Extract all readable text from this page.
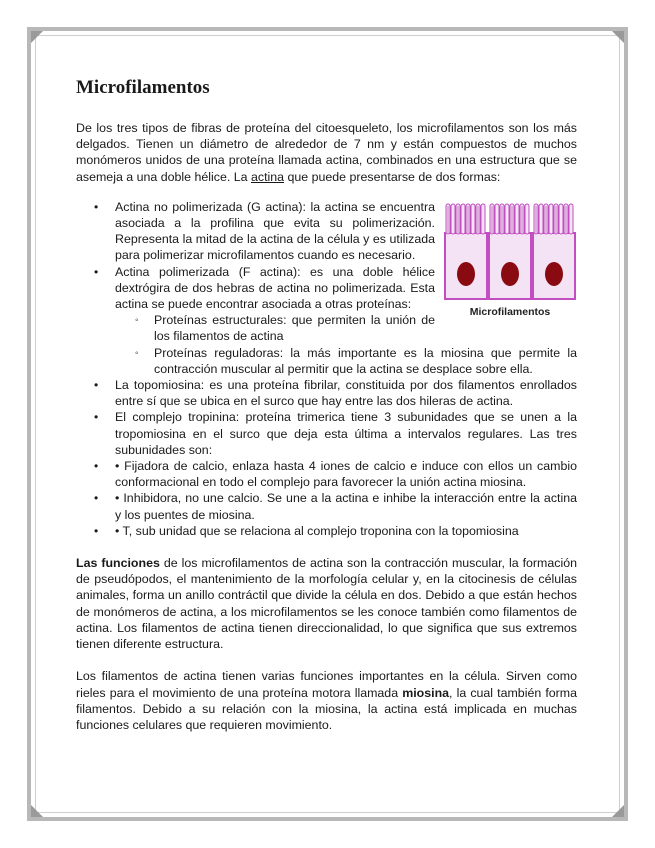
Microfilamentos

De los tres tipos de fibras de proteína del citoesqueleto, los microfilamentos son los más delgados. Tienen un diámetro de alrededor de 7 nm y están compuestos de muchos monómeros unidos de una proteína llamada actina, combinados en una estructura que se asemeja a una doble hélice. La actina que puede presentarse de dos formas:

• Actina no polimerizada (G actina): la actina se encuentra asociada a la profilina que evita su polimerización. Representa la mitad de la actina de la célula y es utilizada para polimerizar microfilamentos cuando es necesario.
• Actina polimerizada (F actina): es una doble hélice dextrógira de dos hebras de actina no polimerizada. Esta actina se puede encontrar asociada a otras proteínas:
◦ Proteínas estructurales: que permiten la unión de los filamentos de actina
◦ Proteínas reguladoras: la más importante es la miosina que permite la contracción muscular al permitir que la actina se desplace sobre ella.
• La topomiosina: es una proteína fibrilar, constituida por dos filamentos enrollados entre sí que se ubica en el surco que hay entre las dos hileras de actina.
• El complejo tropinina: proteína trimerica tiene 3 subunidades que se unen a la tropomiosina en el surco que deja esta última a intervalos regulares. Las tres subunidades son:
• • Fijadora de calcio, enlaza hasta 4 iones de calcio e induce con ellos un cambio conformacional en todo el complejo para favorecer la unión actina miosina.
• • Inhibidora, no une calcio. Se une a la actina e inhibe la interacción entre la actina y los puentes de miosina.
• • T, sub unidad que se relaciona al complejo troponina con la topomiosina

Las funciones de los microfilamentos de actina son la contracción muscular, la formación de pseudópodos, el mantenimiento de la morfología celular y, en la citocinesis de células animales, forma un anillo contráctil que divide la célula en dos. Debido a que están hechos de monómeros de actina, a los microfilamentos se les conoce también como filamentos de actina. Los filamentos de actina tienen direccionalidad, lo que significa que sus extremos tienen diferente estructura.

Los filamentos de actina tienen varias funciones importantes en la célula. Sirven como rieles para el movimiento de una proteína motora llamada miosina, la cual también forma filamentos. Debido a su relación con la miosina, la actina está implicada en muchas funciones celulares que requieren movimiento.

Microfilamentos
